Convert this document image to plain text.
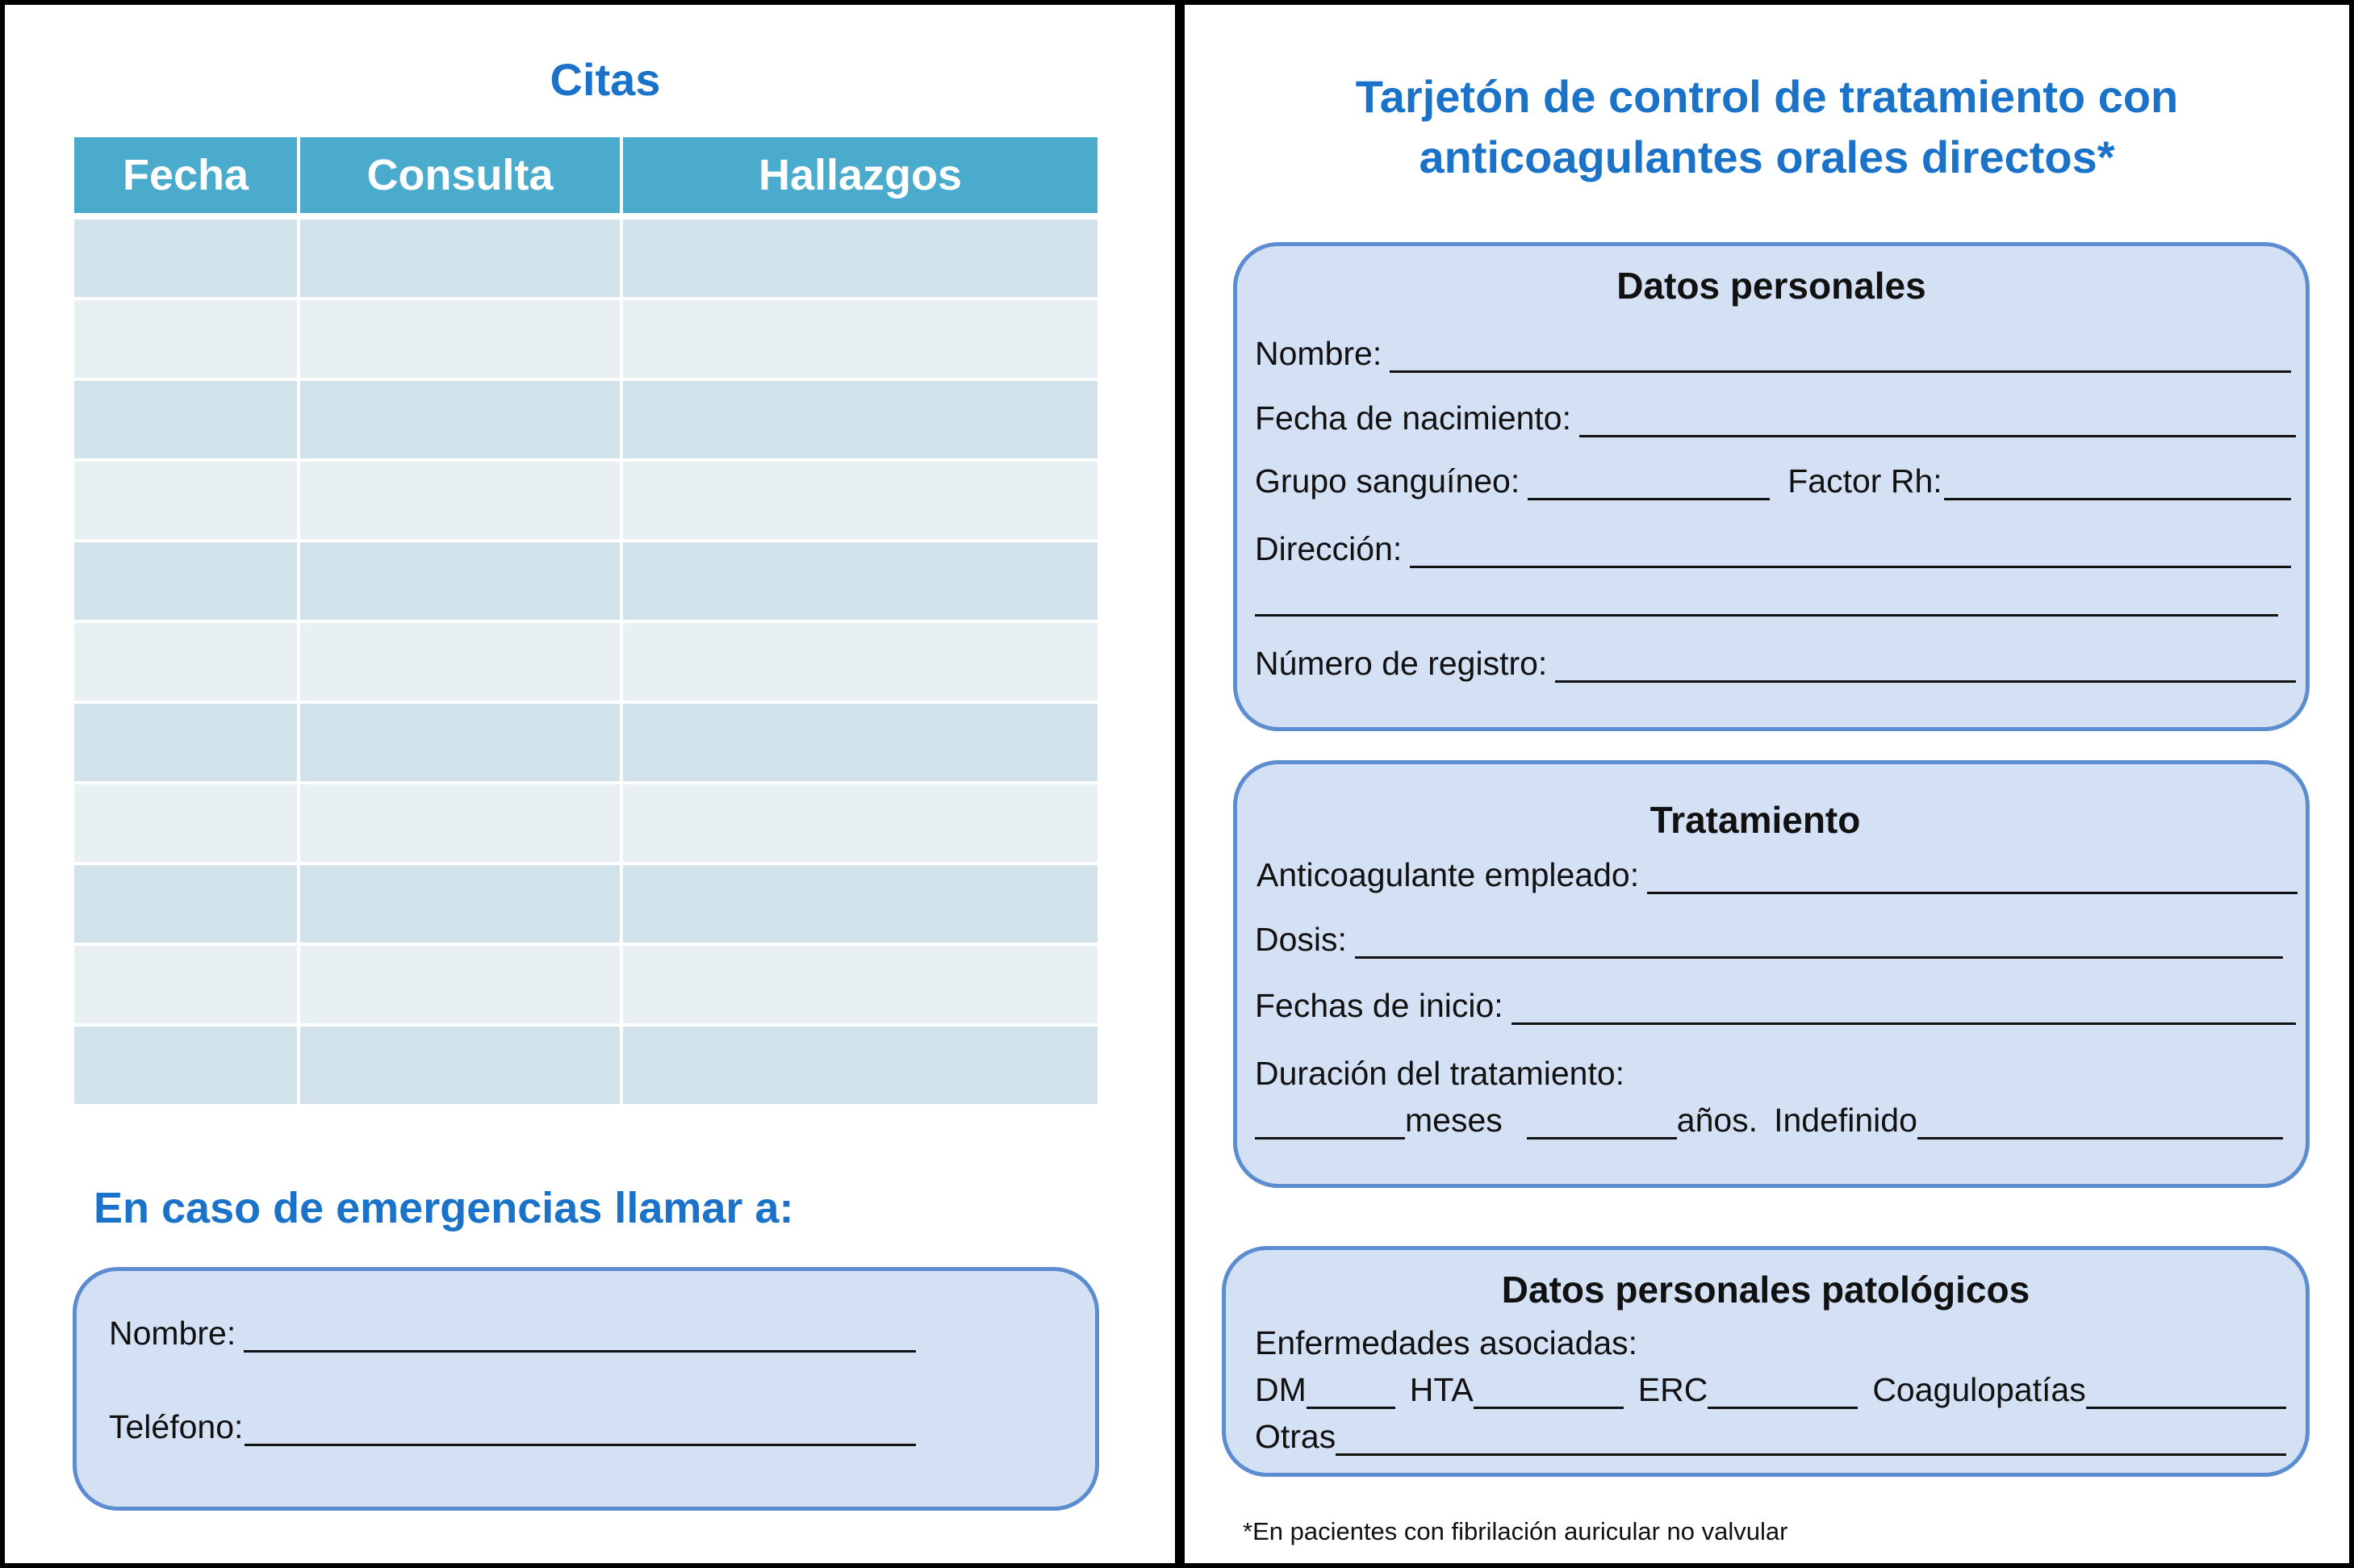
Citas
Fecha	Consulta	Hallazgos

En caso de emergencias llamar a:
Nombre:
Teléfono:
Tarjetón de control de tratamiento con
anticoagulantes orales directos*
Datos personales
Nombre:
Fecha de nacimiento:
Grupo sanguíneo:	Factor Rh:
Dirección:
Número de registro:
Tratamiento
Anticoagulante empleado:
Dosis:
Fechas de inicio:
Duración del tratamiento:
meses	años. Indefinido
Datos personales patológicos
Enfermedades asociadas:
DM	HTA	ERC	Coagulopatías
Otras
*En pacientes con fibrilación auricular no valvular
